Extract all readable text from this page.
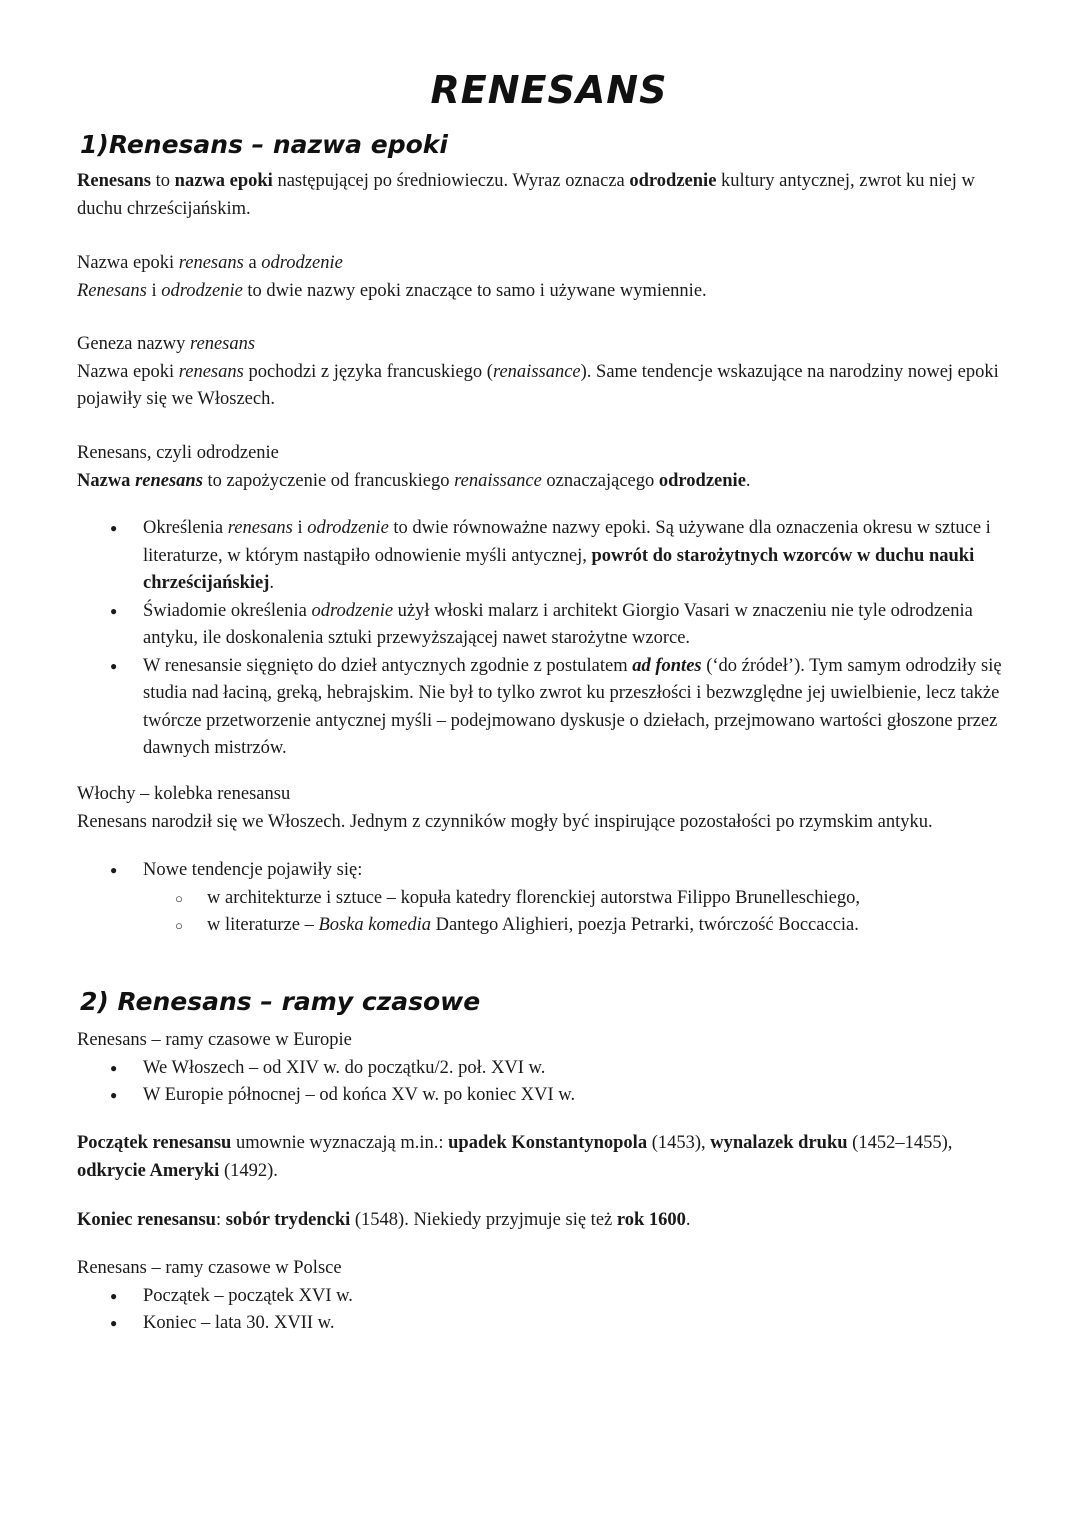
RENESANS
1)Renesans – nazwa epoki

Renesans to nazwa epoki następującej po średniowieczu. Wyraz oznacza odrodzenie kultury antycznej, zwrot ku niej w duchu chrześcijańskim.

Nazwa epoki renesans a odrodzenie

Renesans i odrodzenie to dwie nazwy epoki znaczące to samo i używane wymiennie.

Geneza nazwy renesans

Nazwa epoki renesans pochodzi z języka francuskiego (renaissance). Same tendencje wskazujące na narodziny nowej epoki pojawiły się we Włoszech.

Renesans, czyli odrodzenie

Nazwa renesans to zapożyczenie od francuskiego renaissance oznaczającego odrodzenie.

● Określenia renesans i odrodzenie to dwie równoważne nazwy epoki. Są używane dla oznaczenia okresu w sztuce i literaturze, w którym nastąpiło odnowienie myśli antycznej, powrót do starożytnych wzorców w duchu nauki chrześcijańskiej.
● Świadomie określenia odrodzenie użył włoski malarz i architekt Giorgio Vasari w znaczeniu nie tyle odrodzenia antyku, ile doskonalenia sztuki przewyższającej nawet starożytne wzorce.
● W renesansie sięgnięto do dzieł antycznych zgodnie z postulatem ad fontes (‘do źródeł’). Tym samym odrodziły się studia nad łaciną, greką, hebrajskim. Nie był to tylko zwrot ku przeszłości i bezwzględne jej uwielbienie, lecz także twórcze przetworzenie antycznej myśli – podejmowano dyskusje o dziełach, przejmowano wartości głoszone przez dawnych mistrzów.

Włochy – kolebka renesansu

Renesans narodził się we Włoszech. Jednym z czynników mogły być inspirujące pozostałości po rzymskim antyku.

● Nowe tendencje pojawiły się:
○ w architekturze i sztuce – kopuła katedry florenckiej autorstwa Filippo Brunelleschiego,
○ w literaturze – Boska komedia Dantego Alighieri, poezja Petrarki, twórczość Boccaccia.
2) Renesans – ramy czasowe

Renesans – ramy czasowe w Europie

● We Włoszech – od XIV w. do początku/2. poł. XVI w.
● W Europie północnej – od końca XV w. po koniec XVI w.

Początek renesansu umownie wyznaczają m.in.: upadek Konstantynopola (1453), wynalazek druku (1452–1455), odkrycie Ameryki (1492).

Koniec renesansu: sobór trydencki (1548). Niekiedy przyjmuje się też rok 1600.

Renesans – ramy czasowe w Polsce

● Początek – początek XVI w.
● Koniec – lata 30. XVII w.
